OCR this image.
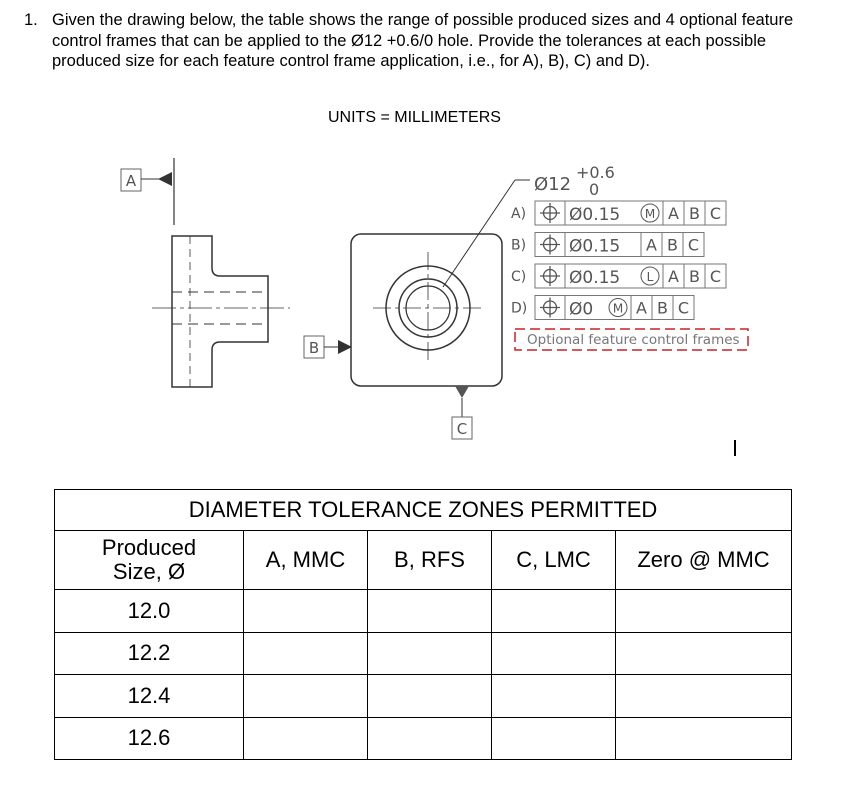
1. Given the drawing below, the table shows the range of possible produced sizes and 4 optional feature control frames that can be applied to the Ø12 +0.6/0 hole. Provide the tolerances at each possible produced size for each feature control frame application, i.e., for A), B), C) and D).
UNITS = MILLIMETERS
A
B
C
Ø12
+0.6
0
A)	Ø0.15 M A B C
B)	Ø0.15 A B C
C)	Ø0.15 L A B C
D) Ø0 M A B C
Optional feature control frames
DIAMETER TOLERANCE ZONES PERMITTED				
Produced Size, Ø	A, MMC	B, RFS	C, LMC	Zero @ MMC
12.0				
12.2				
12.4				
12.6				
